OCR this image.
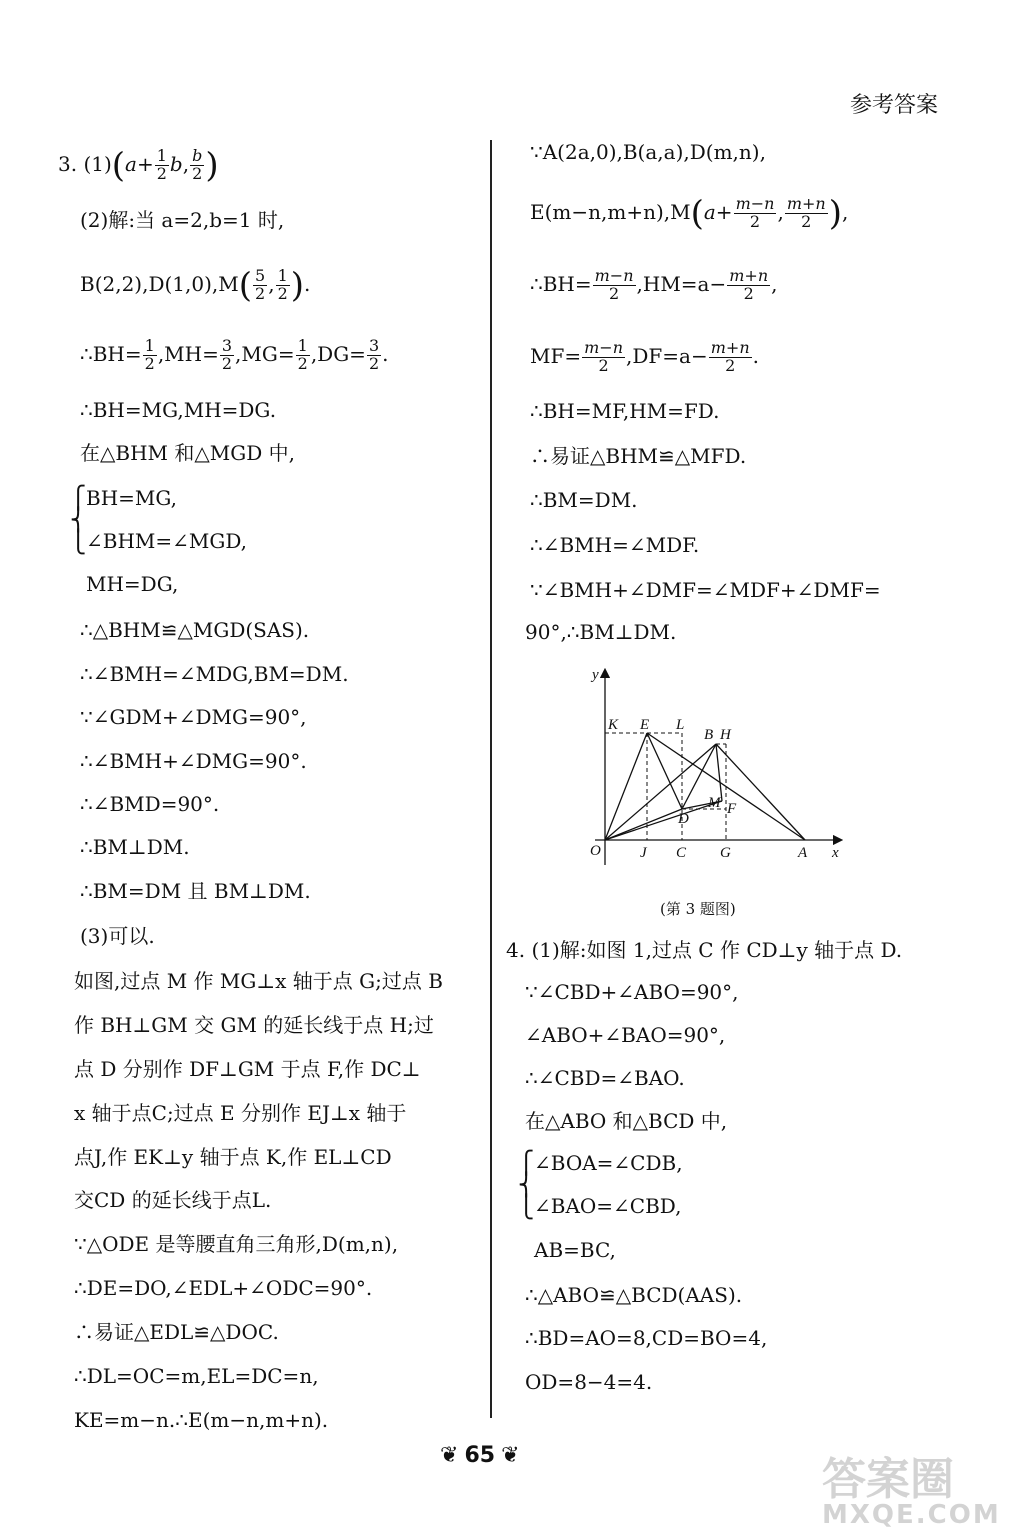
参考答案
3. $(1)(a+ \frac{1}{2} b$, $\frac{b}{2}$ )
(2)解:当 a=2,b=1 时,
$B(2,2),D(1,0),M( \frac{5}{2}$ , $\frac{1}{2}$ ).
∴BH= $\frac{1}{2} ,MH= \frac{3}{2} ,MG= \frac{1}{2} ,DG= \frac{3}{2}$ .
∴BH=MG,MH=DG.
在△BHM 和△MGD 中,
⎧
⎨
⎩
BH=MG,
∠BHM=∠MGD,
MH=DG,
∴△BHM≌△MGD(SAS).
∴∠BMH=∠MDG,BM=DM.
∵∠GDM+∠DMG=90°,
∴∠BMH+∠DMG=90°.
∴∠BMD=90°.
∴BM⊥DM.
∴BM=DM 且 BM⊥DM.
(3)可以.
如图,过点 M 作 MG⊥x 轴于点 G;过点 B
作 BH⊥GM 交 GM 的延长线于点 H;过
点 D 分别作 DF⊥GM 于点 F,作 DC⊥
x 轴于点C;过点 E 分别作 EJ⊥x 轴于
点J,作 EK⊥y 轴于点 K,作 EL⊥CD
交CD 的延长线于点L.
∵△ODE 是等腰直角三角形,D(m,n),
∴DE=DO,∠EDL+∠ODC=90°.
∴易证△EDL≌△DOC.
∴DL=OC=m,EL=DC=n,
KE=m−n.∴E(m−n,m+n).
∵A(2a,0),B(a,a),D(m,n),
$E(m-n,m+n),M(a+ \frac{m-n}{2}$ , $\frac{m+n}{2}$ ),
∴BH= $\frac{m-n}{2} ,HM=a- \frac{m+n}{2}$ ,
$MF= \frac{m-n}{2} ,DF=a- \frac{m+n}{2}$ .
∴BH=MF,HM=FD.
∴易证△BHM≌△MFD.
∴BM=DM.
∴∠BMH=∠MDF.
∵∠BMH+∠DMF=∠MDF+∠DMF=
90°,∴BM⊥DM.
y
x
O	J C G	A
K E L
B H
M F
D
(第 3 题图)
4. (1)解:如图 1,过点 C 作 CD⊥y 轴于点 D.
∵∠CBD+∠ABO=90°,
∠ABO+∠BAO=90°,
∴∠CBD=∠BAO.
在△ABO 和△BCD 中,
⎧
⎨
⎩
∠BOA=∠CDB,
∠BAO=∠CBD,
AB=BC,
∴△ABO≌△BCD(AAS).
∴BD=AO=8,CD=BO=4,
OD=8−4=4.
❦ 65 ❦	答案圈
MXQE.COM
